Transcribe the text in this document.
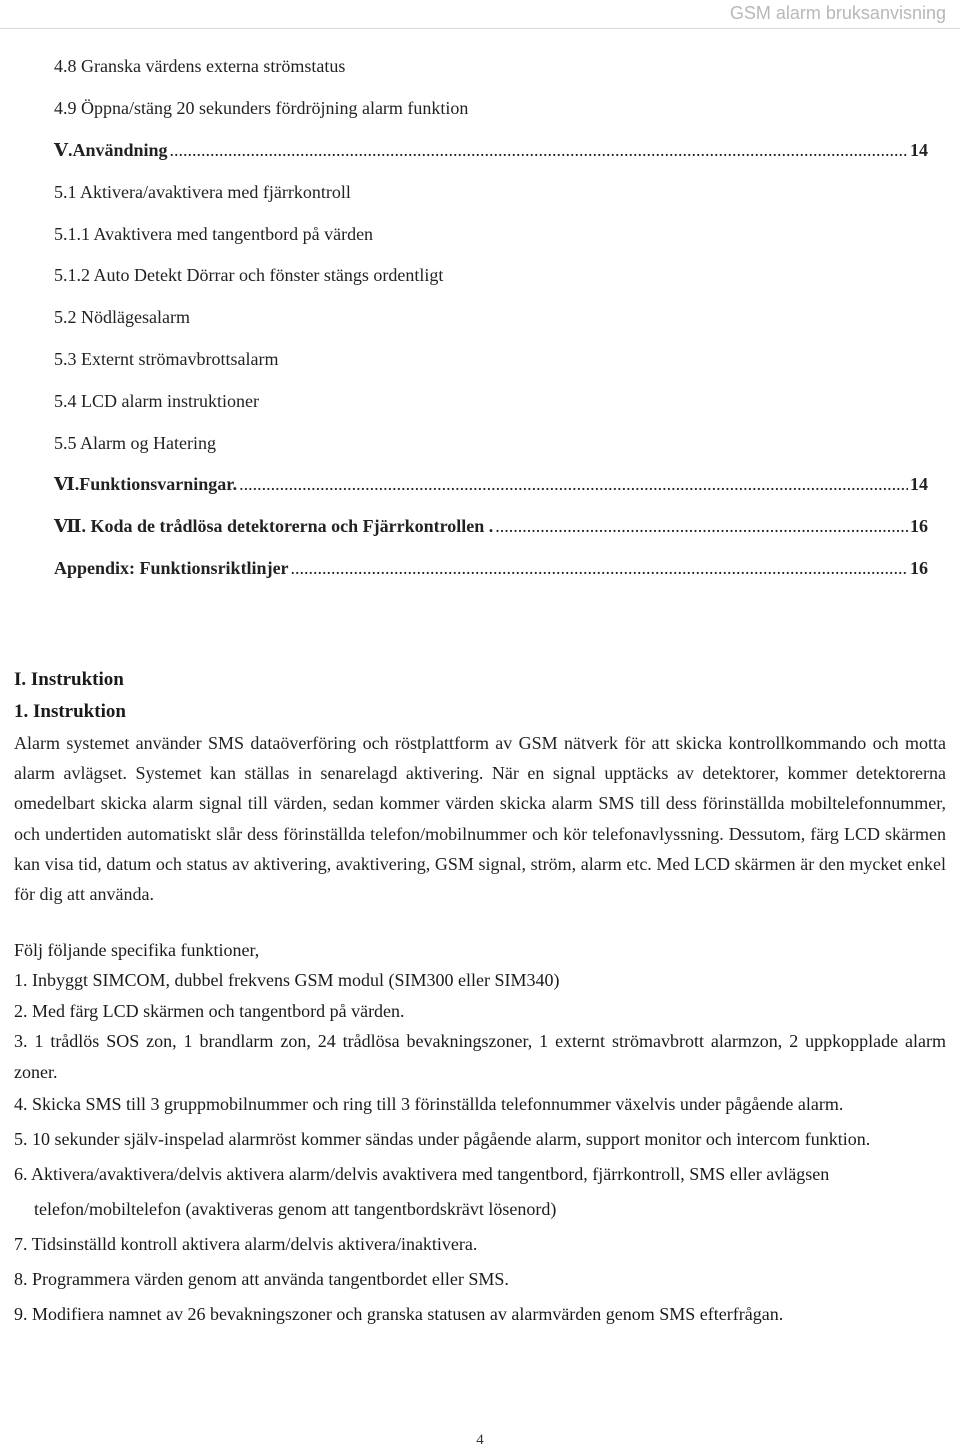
GSM alarm bruksanvisning
4.8 Granska värdens externa strömstatus
4.9 Öppna/stäng 20 sekunders fördröjning alarm funktion
Ⅴ.Användning .....	14
5.1 Aktivera/avaktivera med fjärrkontroll
5.1.1 Avaktivera med tangentbord på värden
5.1.2 Auto Detekt Dörrar och fönster stängs ordentligt
5.2 Nödlägesalarm
5.3 Externt strömavbrottsalarm
5.4 LCD alarm instruktioner
5.5 Alarm og Hatering
Ⅵ.Funktionsvarningar. .....	14
Ⅶ. Koda de trådlösa detektorerna och Fjärrkontrollen . .....	16
Appendix: Funktionsriktlinjer .....	16
I. Instruktion
1. Instruktion

Alarm systemet använder SMS dataöverföring och röstplattform av GSM nätverk för att skicka kontrollkommando och motta alarm avlägset. Systemet kan ställas in senarelagd aktivering. När en signal upptäcks av detektorer, kommer detektorerna omedelbart skicka alarm signal till värden, sedan kommer värden skicka alarm SMS till dess förinställda mobiltelefonnummer, och undertiden automatiskt slår dess förinställda telefon/mobilnummer och kör telefonavlyssning. Dessutom, färg LCD skärmen kan visa tid, datum och status av aktivering, avaktivering, GSM signal, ström, alarm etc. Med LCD skärmen är den mycket enkel för dig att använda.

Följ följande specifika funktioner,
1. Inbyggt SIMCOM, dubbel frekvens GSM modul (SIM300 eller SIM340)
2. Med färg LCD skärmen och tangentbord på värden.
3. 1 trådlös SOS zon, 1 brandlarm zon, 24 trådlösa bevakningszoner, 1 externt strömavbrott alarmzon, 2 uppkopplade alarm zoner.
4. Skicka SMS till 3 gruppmobilnummer och ring till 3 förinställda telefonnummer växelvis under pågående alarm.
5. 10 sekunder själv-inspelad alarmröst kommer sändas under pågående alarm, support monitor och intercom funktion.
6. Aktivera/avaktivera/delvis aktivera alarm/delvis avaktivera med tangentbord, fjärrkontroll, SMS eller avlägsen telefon/mobiltelefon (avaktiveras genom att tangentbordskrävt lösenord)
7. Tidsinställd kontroll aktivera alarm/delvis aktivera/inaktivera.
8. Programmera värden genom att använda tangentbordet eller SMS.
9. Modifiera namnet av 26 bevakningszoner och granska statusen av alarmvärden genom SMS efterfrågan.
4
